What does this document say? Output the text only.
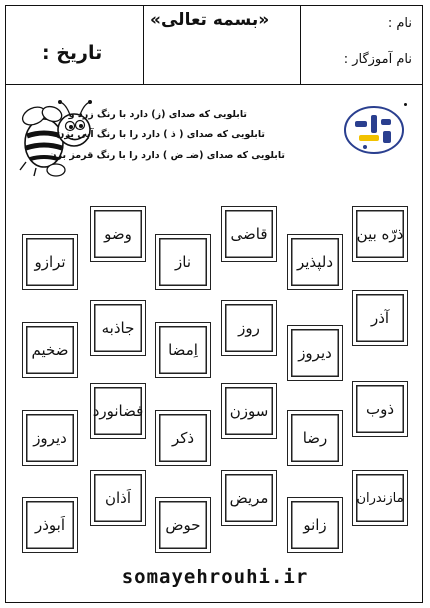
«بسمه تعالی»	نام :
نام آموزگار :
تاریخ :
تابلویی که صدای (ز) دارد با رنگ زرد و
تابلویی که صدای ( ذ ) دارد را با رنگ آبی بزن
تابلویی که صدای (ضـ ض ) دارد را با رنگ قرمز بزن
ذرّه بین
قاضی
وضو
دلپذیر
ناز
ترازو
آذر
روز
جاذبه
دیروز
اِمضا
ضخیم
ذوب
سوزن
فضانورد
رضا
ذکر
دیروز
مازندران
مریض
اَذان
زانو
حوض
اَبوذر
somayehrouhi.ir
